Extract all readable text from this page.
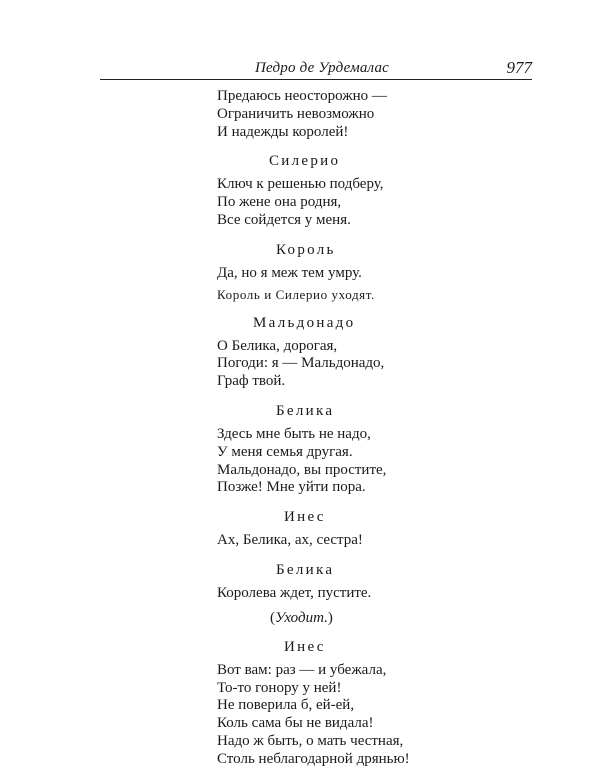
Педро де Урдемалас	977
Предаюсь неосторожно —
Ограничить невозможно
И надежды королей!
Силерио
Ключ к решенью подберу,
По жене она родня,
Все сойдется у меня.
Король
Да, но я меж тем умру.
Король и Силерио уходят.
Мальдонадо
О Белика, дорогая,
Погоди: я — Мальдонадо,
Граф твой.
Белика
Здесь мне быть не надо,
У меня семья другая.
Мальдонадо, вы простите,
Позже! Мне уйти пора.
Инес
Ах, Белика, ах, сестра!
Белика
Королева ждет, пустите.
(Уходит.)
Инес
Вот вам: раз — и убежала,
То-то гонору у ней!
Не поверила б, ей-ей,
Коль сама бы не видала!
Надо ж быть, о мать честная,
Столь неблагодарной дрянью!
